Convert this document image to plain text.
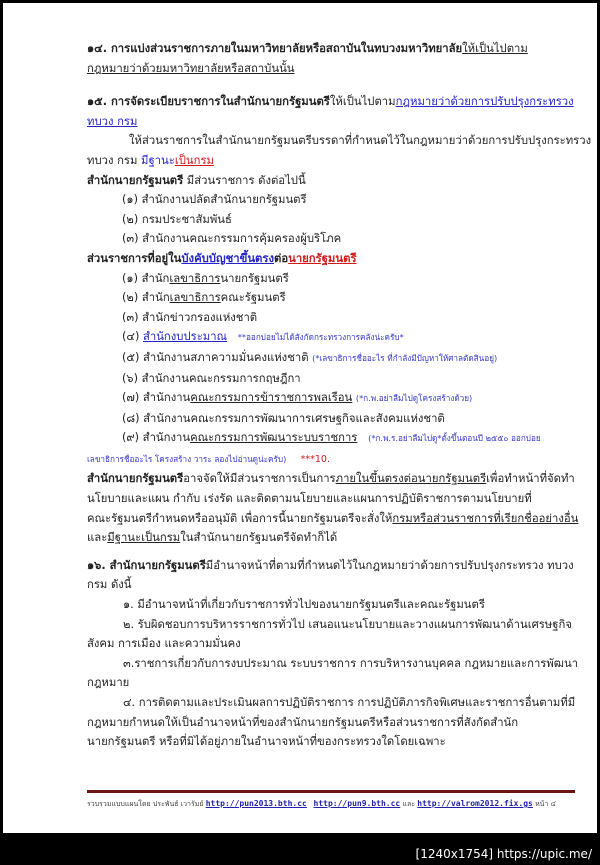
๑๔. การแบ่งส่วนราชการภายในมหาวิทยาลัยหรือสถาบันในทบวงมหาวิทยาลัยให้เป็นไปตาม
กฎหมายว่าด้วยมหาวิทยาลัยหรือสถาบันนั้น
๑๕. การจัดระเบียบราชการในสำนักนายกรัฐมนตรีให้เป็นไปตามกฎหมายว่าด้วยการปรับปรุงกระทรวง
ทบวง กรม
ให้ส่วนราชการในสำนักนายกรัฐมนตรีบรรดาที่กำหนดไว้ในกฎหมายว่าด้วยการปรับปรุงกระทรวง
ทบวง กรม มีฐานะเป็นกรม
สำนักนายกรัฐมนตรี มีส่วนราชการ ดังต่อไปนี้
(๑) สำนักงานปลัดสำนักนายกรัฐมนตรี
(๒) กรมประชาสัมพันธ์
(๓) สำนักงานคณะกรรมการคุ้มครองผู้บริโภค
ส่วนราชการที่อยู่ในบังคับบัญชาขึ้นตรงต่อนายกรัฐมนตรี
(๑) สำนักเลขาธิการนายกรัฐมนตรี
(๒) สำนักเลขาธิการคณะรัฐมนตรี
(๓) สำนักข่าวกรองแห่งชาติ
(๔) สำนักงบประมาณ **ออกบ่อยไม่ได้สังกัดกระทรวงการคลังน่ะครับ*
(๕) สำนักงานสภาความมั่นคงแห่งชาติ (*เลขาธิการชื่ออะไร ที่กำลังมีปัญหาให้ศาลตัดสินอยู่)
(๖) สำนักงานคณะกรรมการกฤษฎีกา
(๗) สำนักงานคณะกรรมการข้าราชการพลเรือน (*ก.พ.อย่าลืมไปดูโครงสร้างด้วย)
(๘) สำนักงานคณะกรรมการพัฒนาการเศรษฐกิจและสังคมแห่งชาติ
(๙) สำนักงานคณะกรรมการพัฒนาระบบราชการ (*ก.พ.ร.อย่าลืมไปดู*ตั้งขึ้นตอนปี ๒๕๕๐ ออกบ่อย
เลขาธิการชื่ออะไร โครงสร้าง วาระ ลองไปอ่านดูน่ะครับ) ***10.
สำนักนายกรัฐมนตรีอาจจัดให้มีส่วนราชการเป็นการภายในขึ้นตรงต่อนายกรัฐมนตรีเพื่อทำหน้าที่จัดทำ
นโยบายและแผน กำกับ เร่งรัด และติดตามนโยบายและแผนการปฏิบัติราชการตามนโยบายที่
คณะรัฐมนตรีกำหนดหรืออนุมัติ เพื่อการนี้นายกรัฐมนตรีจะสั่งให้กรมหรือส่วนราชการที่เรียกชื่ออย่างอื่น
และมีฐานะเป็นกรมในสำนักนายกรัฐมนตรีจัดทำก็ได้
๑๖. สำนักนายกรัฐมนตรีมีอำนาจหน้าที่ตามที่กำหนดไว้ในกฎหมายว่าด้วยการปรับปรุงกระทรวง ทบวง
กรม ดังนี้
๑. มีอำนาจหน้าที่เกี่ยวกับราชการทั่วไปของนายกรัฐมนตรีและคณะรัฐมนตรี
๒. รับผิดชอบการบริหารราชการทั่วไป เสนอแนะนโยบายและวางแผนการพัฒนาด้านเศรษฐกิจ
สังคม การเมือง และความมั่นคง
๓.ราชการเกี่ยวกับการงบประมาณ ระบบราชการ การบริหารงานบุคคล กฎหมายและการพัฒนา
กฎหมาย
๔. การติดตามและประเมินผลการปฏิบัติราชการ การปฏิบัติภารกิจพิเศษและราชการอื่นตามที่มี
กฎหมายกำหนดให้เป็นอำนาจหน้าที่ของสำนักนายกรัฐมนตรีหรือส่วนราชการที่สังกัดสำนัก
นายกรัฐมนตรี หรือที่มิได้อยู่ภายในอำนาจหน้าที่ของกระทรวงใดโดยเฉพาะ
รวบรวมแบบแผนโดย ประพันธ์ เวารัมย์ http://pun2013.bth.cc http://pun9.bth.cc และ http://valrom2012.fix.gs หน้า ๔
[1240x1754] https://upic.me/
